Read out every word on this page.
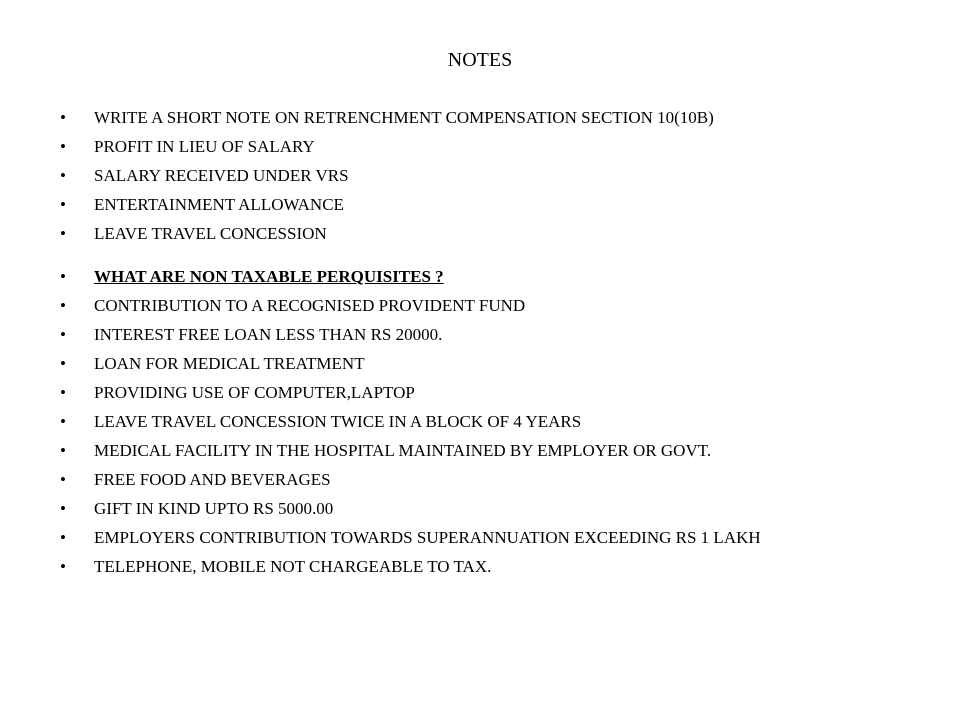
NOTES
• WRITE A SHORT NOTE ON RETRENCHMENT COMPENSATION SECTION 10(10B)
• PROFIT IN LIEU OF SALARY
• SALARY RECEIVED UNDER VRS
• ENTERTAINMENT ALLOWANCE
• LEAVE TRAVEL CONCESSION
• WHAT ARE NON TAXABLE PERQUISITES ?
• CONTRIBUTION TO A RECOGNISED PROVIDENT FUND
• INTEREST FREE LOAN LESS THAN RS 20000.
• LOAN FOR MEDICAL TREATMENT
• PROVIDING USE OF COMPUTER,LAPTOP
• LEAVE TRAVEL CONCESSION TWICE IN A BLOCK OF 4 YEARS
• MEDICAL FACILITY IN THE HOSPITAL MAINTAINED BY EMPLOYER OR GOVT.
• FREE FOOD AND BEVERAGES
• GIFT IN KIND UPTO RS 5000.00
• EMPLOYERS CONTRIBUTION TOWARDS SUPERANNUATION EXCEEDING RS 1 LAKH
• TELEPHONE, MOBILE NOT CHARGEABLE TO TAX.
